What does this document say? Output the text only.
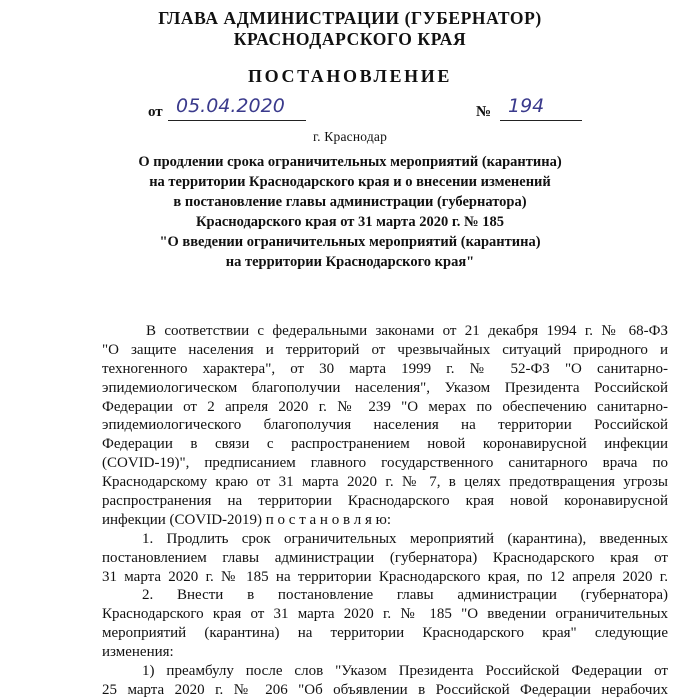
ГЛАВА АДМИНИСТРАЦИИ (ГУБЕРНАТОР)
КРАСНОДАРСКОГО КРАЯ
ПОСТАНОВЛЕНИЕ
от 05.04.2020	№ 194
г. Краснодар
О продлении срока ограничительных мероприятий (карантина)
на территории Краснодарского края и о внесении изменений
в постановление главы администрации (губернатора)
Краснодарского края от 31 марта 2020 г. № 185
"О введении ограничительных мероприятий (карантина)
на территории Краснодарского края"
В соответствии с федеральными законами от 21 декабря 1994 г. № 68-ФЗ
"О защите населения и территорий от чрезвычайных ситуаций природного и
техногенного характера", от 30 марта 1999 г. № 52-ФЗ "О санитарно-
эпидемиологическом благополучии населения", Указом Президента Российской
Федерации от 2 апреля 2020 г. № 239 "О мерах по обеспечению санитарно-
эпидемиологического благополучия населения на территории Российской
Федерации в связи с распространением новой коронавирусной инфекции
(COVID-19)", предписанием главного государственного санитарного врача по
Краснодарскому краю от 31 марта 2020 г. № 7, в целях предотвращения угрозы
распространения на территории Краснодарского края новой коронавирусной
инфекции (COVID-2019) п о с т а н о в л я ю:
1. Продлить срок ограничительных мероприятий (карантина), введенных
постановлением главы администрации (губернатора) Краснодарского края от
31 марта 2020 г. № 185 на территории Краснодарского края, по 12 апреля 2020 г.
2. Внести в постановление главы администрации (губернатора)
Краснодарского края от 31 марта 2020 г. № 185 "О введении ограничительных
мероприятий (карантина) на территории Краснодарского края" следующие
изменения:
1) преамбулу после слов "Указом Президента Российской Федерации от
25 марта 2020 г. № 206 "Об объявлении в Российской Федерации нерабочих
